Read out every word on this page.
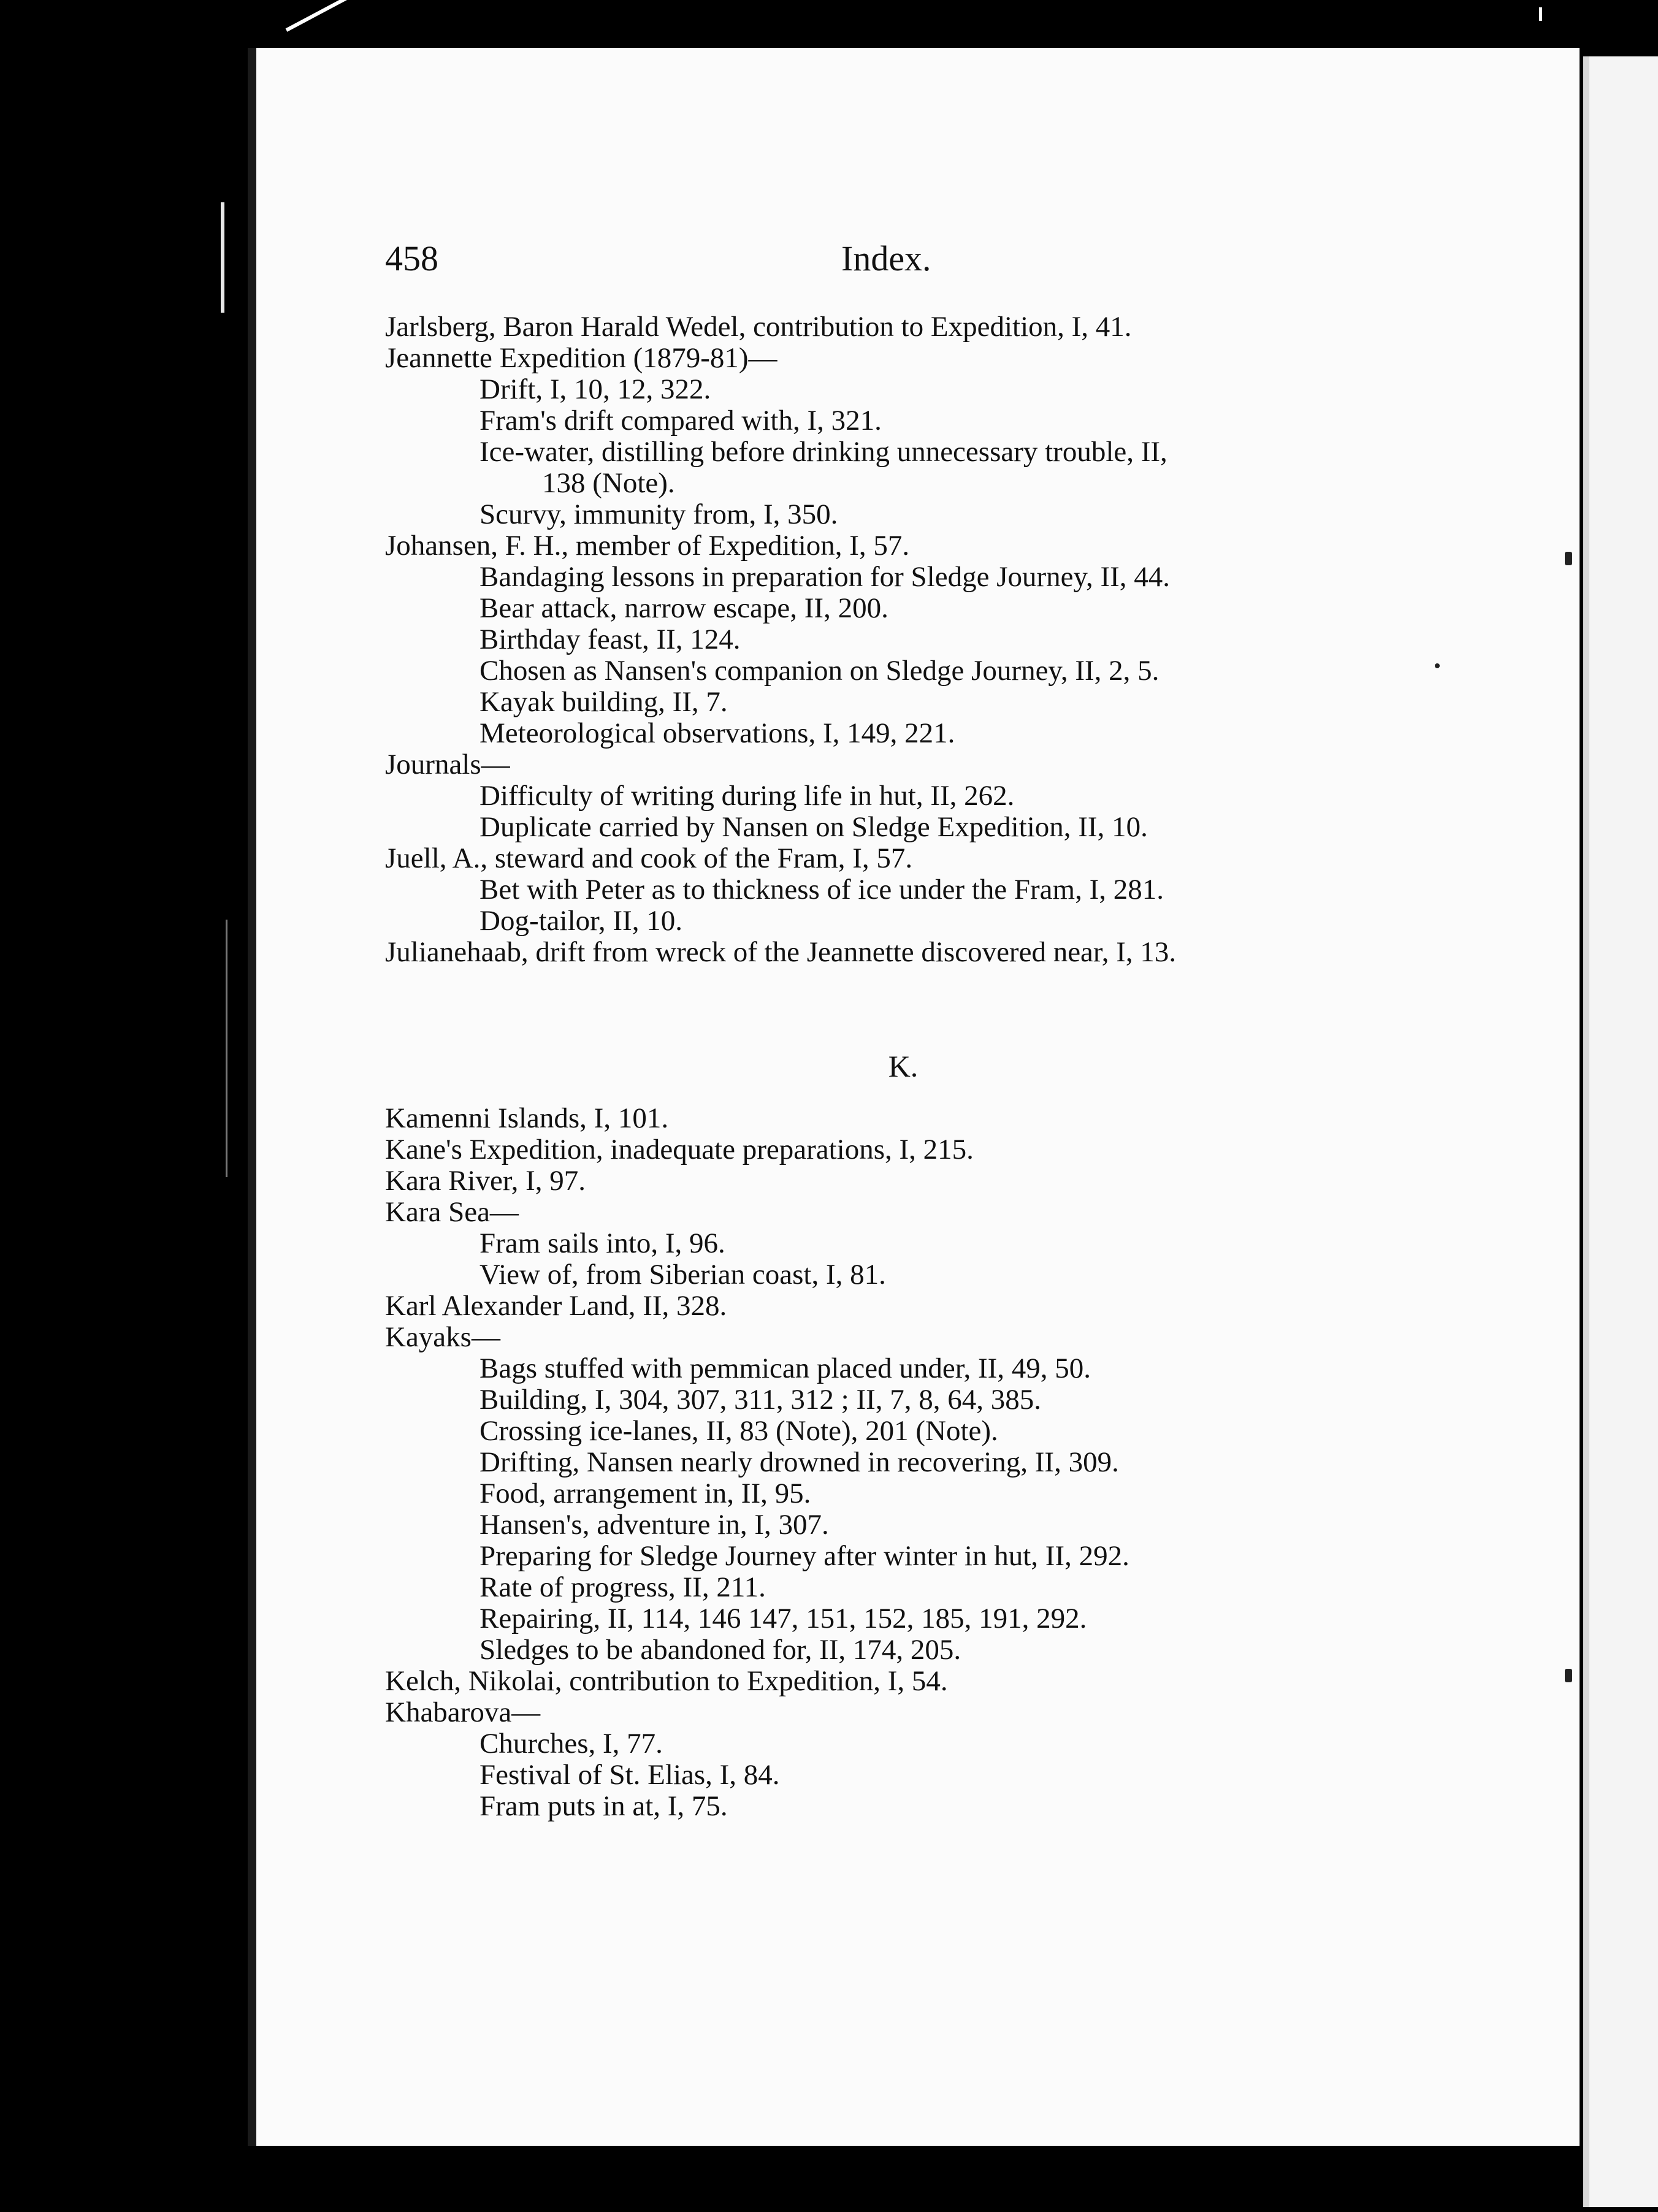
458	Index.
Jarlsberg, Baron Harald Wedel, contribution to Expedition, I, 41.
Jeannette Expedition (1879-81)—
Drift, I, 10, 12, 322.
Fram's drift compared with, I, 321.
Ice-water, distilling before drinking unnecessary trouble, II,
138 (Note).
Scurvy, immunity from, I, 350.
Johansen, F. H., member of Expedition, I, 57.
Bandaging lessons in preparation for Sledge Journey, II, 44.
Bear attack, narrow escape, II, 200.
Birthday feast, II, 124.
Chosen as Nansen's companion on Sledge Journey, II, 2, 5.
Kayak building, II, 7.
Meteorological observations, I, 149, 221.
Journals—
Difficulty of writing during life in hut, II, 262.
Duplicate carried by Nansen on Sledge Expedition, II, 10.
Juell, A., steward and cook of the Fram, I, 57.
Bet with Peter as to thickness of ice under the Fram, I, 281.
Dog-tailor, II, 10.
Julianehaab, drift from wreck of the Jeannette discovered near, I, 13.
K.
Kamenni Islands, I, 101.
Kane's Expedition, inadequate preparations, I, 215.
Kara River, I, 97.
Kara Sea—
Fram sails into, I, 96.
View of, from Siberian coast, I, 81.
Karl Alexander Land, II, 328.
Kayaks—
Bags stuffed with pemmican placed under, II, 49, 50.
Building, I, 304, 307, 311, 312 ; II, 7, 8, 64, 385.
Crossing ice-lanes, II, 83 (Note), 201 (Note).
Drifting, Nansen nearly drowned in recovering, II, 309.
Food, arrangement in, II, 95.
Hansen's, adventure in, I, 307.
Preparing for Sledge Journey after winter in hut, II, 292.
Rate of progress, II, 211.
Repairing, II, 114, 146 147, 151, 152, 185, 191, 292.
Sledges to be abandoned for, II, 174, 205.
Kelch, Nikolai, contribution to Expedition, I, 54.
Khabarova—
Churches, I, 77.
Festival of St. Elias, I, 84.
Fram puts in at, I, 75.
